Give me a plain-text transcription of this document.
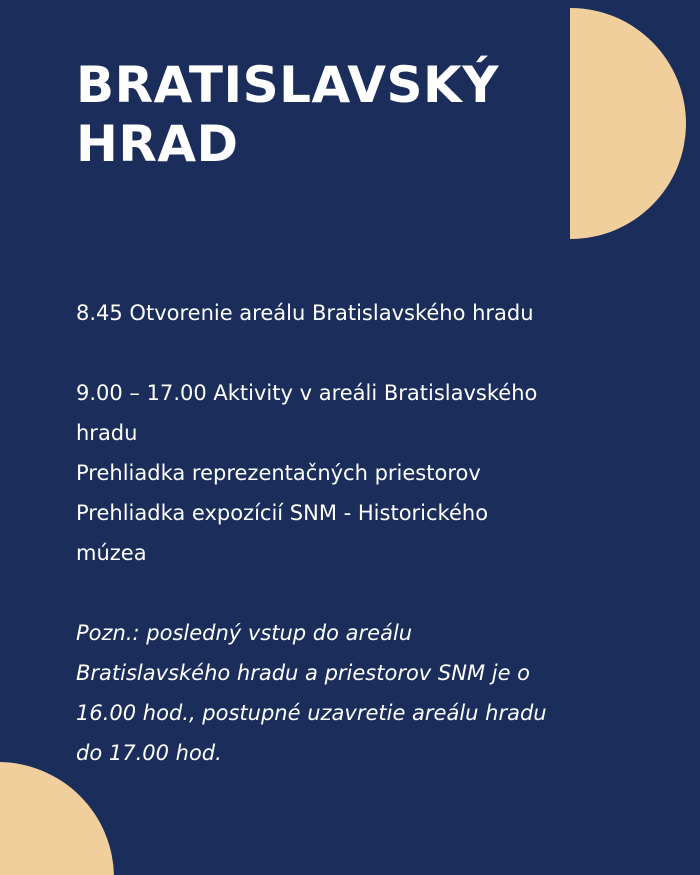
BRATISLAVSKÝ
HRAD
8.45 Otvorenie areálu Bratislavského hradu
9.00 – 17.00 Aktivity v areáli Bratislavského
hradu
Prehliadka reprezentačných priestorov
Prehliadka expozícií SNM - Historického
múzea
Pozn.: posledný vstup do areálu
Bratislavského hradu a priestorov SNM je o
16.00 hod., postupné uzavretie areálu hradu
do 17.00 hod.
